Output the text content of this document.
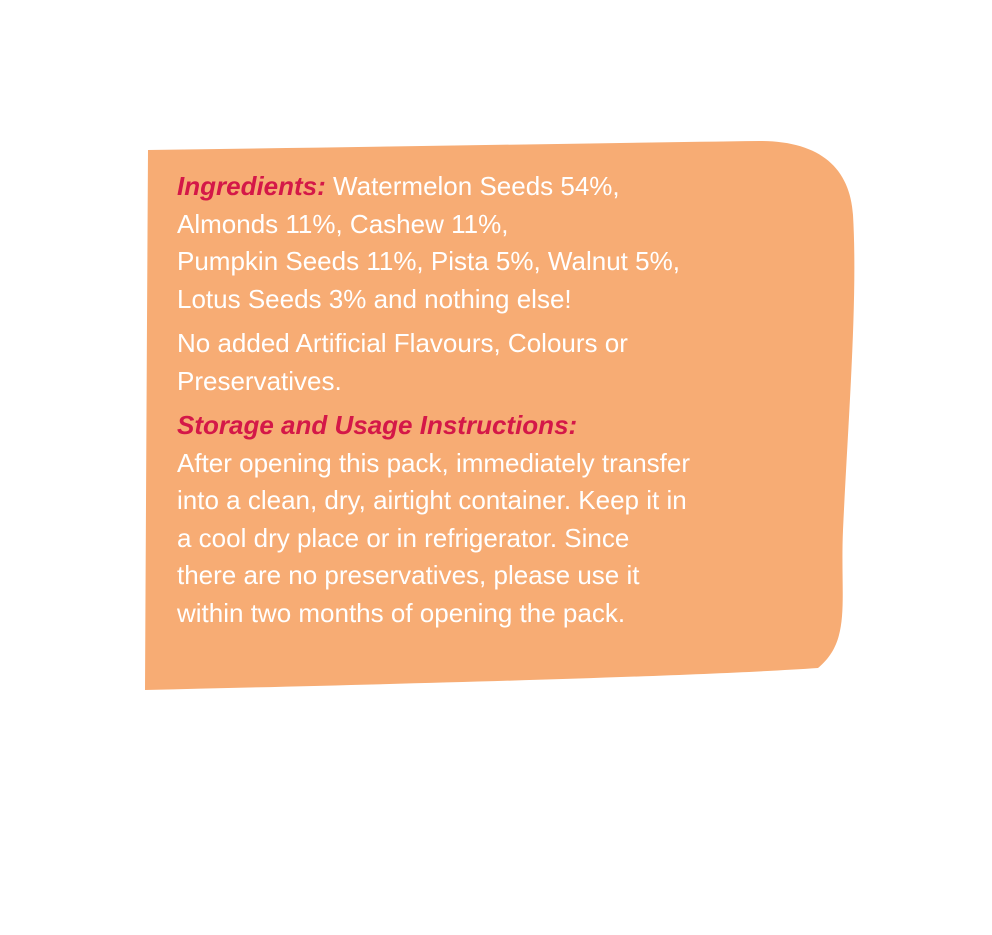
Ingredients: Watermelon Seeds 54%,
Almonds 11%, Cashew 11%,
Pumpkin Seeds 11%, Pista 5%, Walnut 5%,
Lotus Seeds 3% and nothing else!

No added Artificial Flavours, Colours or
Preservatives.

Storage and Usage Instructions:
After opening this pack, immediately transfer
into a clean, dry, airtight container. Keep it in
a cool dry place or in refrigerator. Since
there are no preservatives, please use it
within two months of opening the pack.
